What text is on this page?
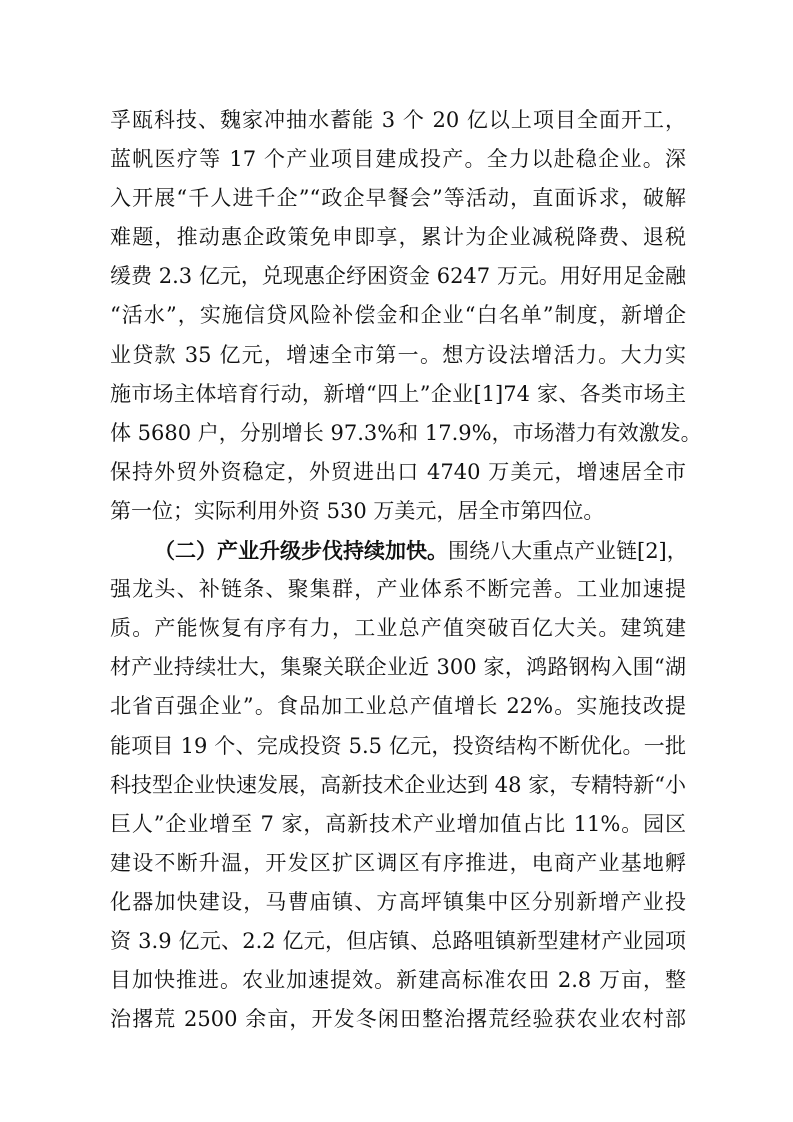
孚瓯科技、魏家冲抽水蓄能 3 个 20 亿以上项目全面开工，
蓝帆医疗等 17 个产业项目建成投产。全力以赴稳企业。深
入开展“千人进千企”“政企早餐会”等活动，直面诉求，破解
难题，推动惠企政策免申即享，累计为企业减税降费、退税
缓费 2.3 亿元，兑现惠企纾困资金 6247 万元。用好用足金融
“活水”，实施信贷风险补偿金和企业“白名单”制度，新增企
业贷款 35 亿元，增速全市第一。想方设法增活力。大力实
施市场主体培育行动，新增“四上”企业[1]74 家、各类市场主
体 5680 户，分别增长 97.3%和 17.9%，市场潜力有效激发。
保持外贸外资稳定，外贸进出口 4740 万美元，增速居全市
第一位；实际利用外资 530 万美元，居全市第四位。
（二）产业升级步伐持续加快。围绕八大重点产业链[2]，
强龙头、补链条、聚集群，产业体系不断完善。工业加速提
质。产能恢复有序有力，工业总产值突破百亿大关。建筑建
材产业持续壮大，集聚关联企业近 300 家，鸿路钢构入围“湖
北省百强企业”。食品加工业总产值增长 22%。实施技改提
能项目 19 个、完成投资 5.5 亿元，投资结构不断优化。一批
科技型企业快速发展，高新技术企业达到 48 家，专精特新“小
巨人”企业增至 7 家，高新技术产业增加值占比 11%。园区
建设不断升温，开发区扩区调区有序推进，电商产业基地孵
化器加快建设，马曹庙镇、方高坪镇集中区分别新增产业投
资 3.9 亿元、2.2 亿元，但店镇、总路咀镇新型建材产业园项
目加快推进。农业加速提效。新建高标准农田 2.8 万亩，整
治撂荒 2500 余亩，开发冬闲田整治撂荒经验获农业农村部
